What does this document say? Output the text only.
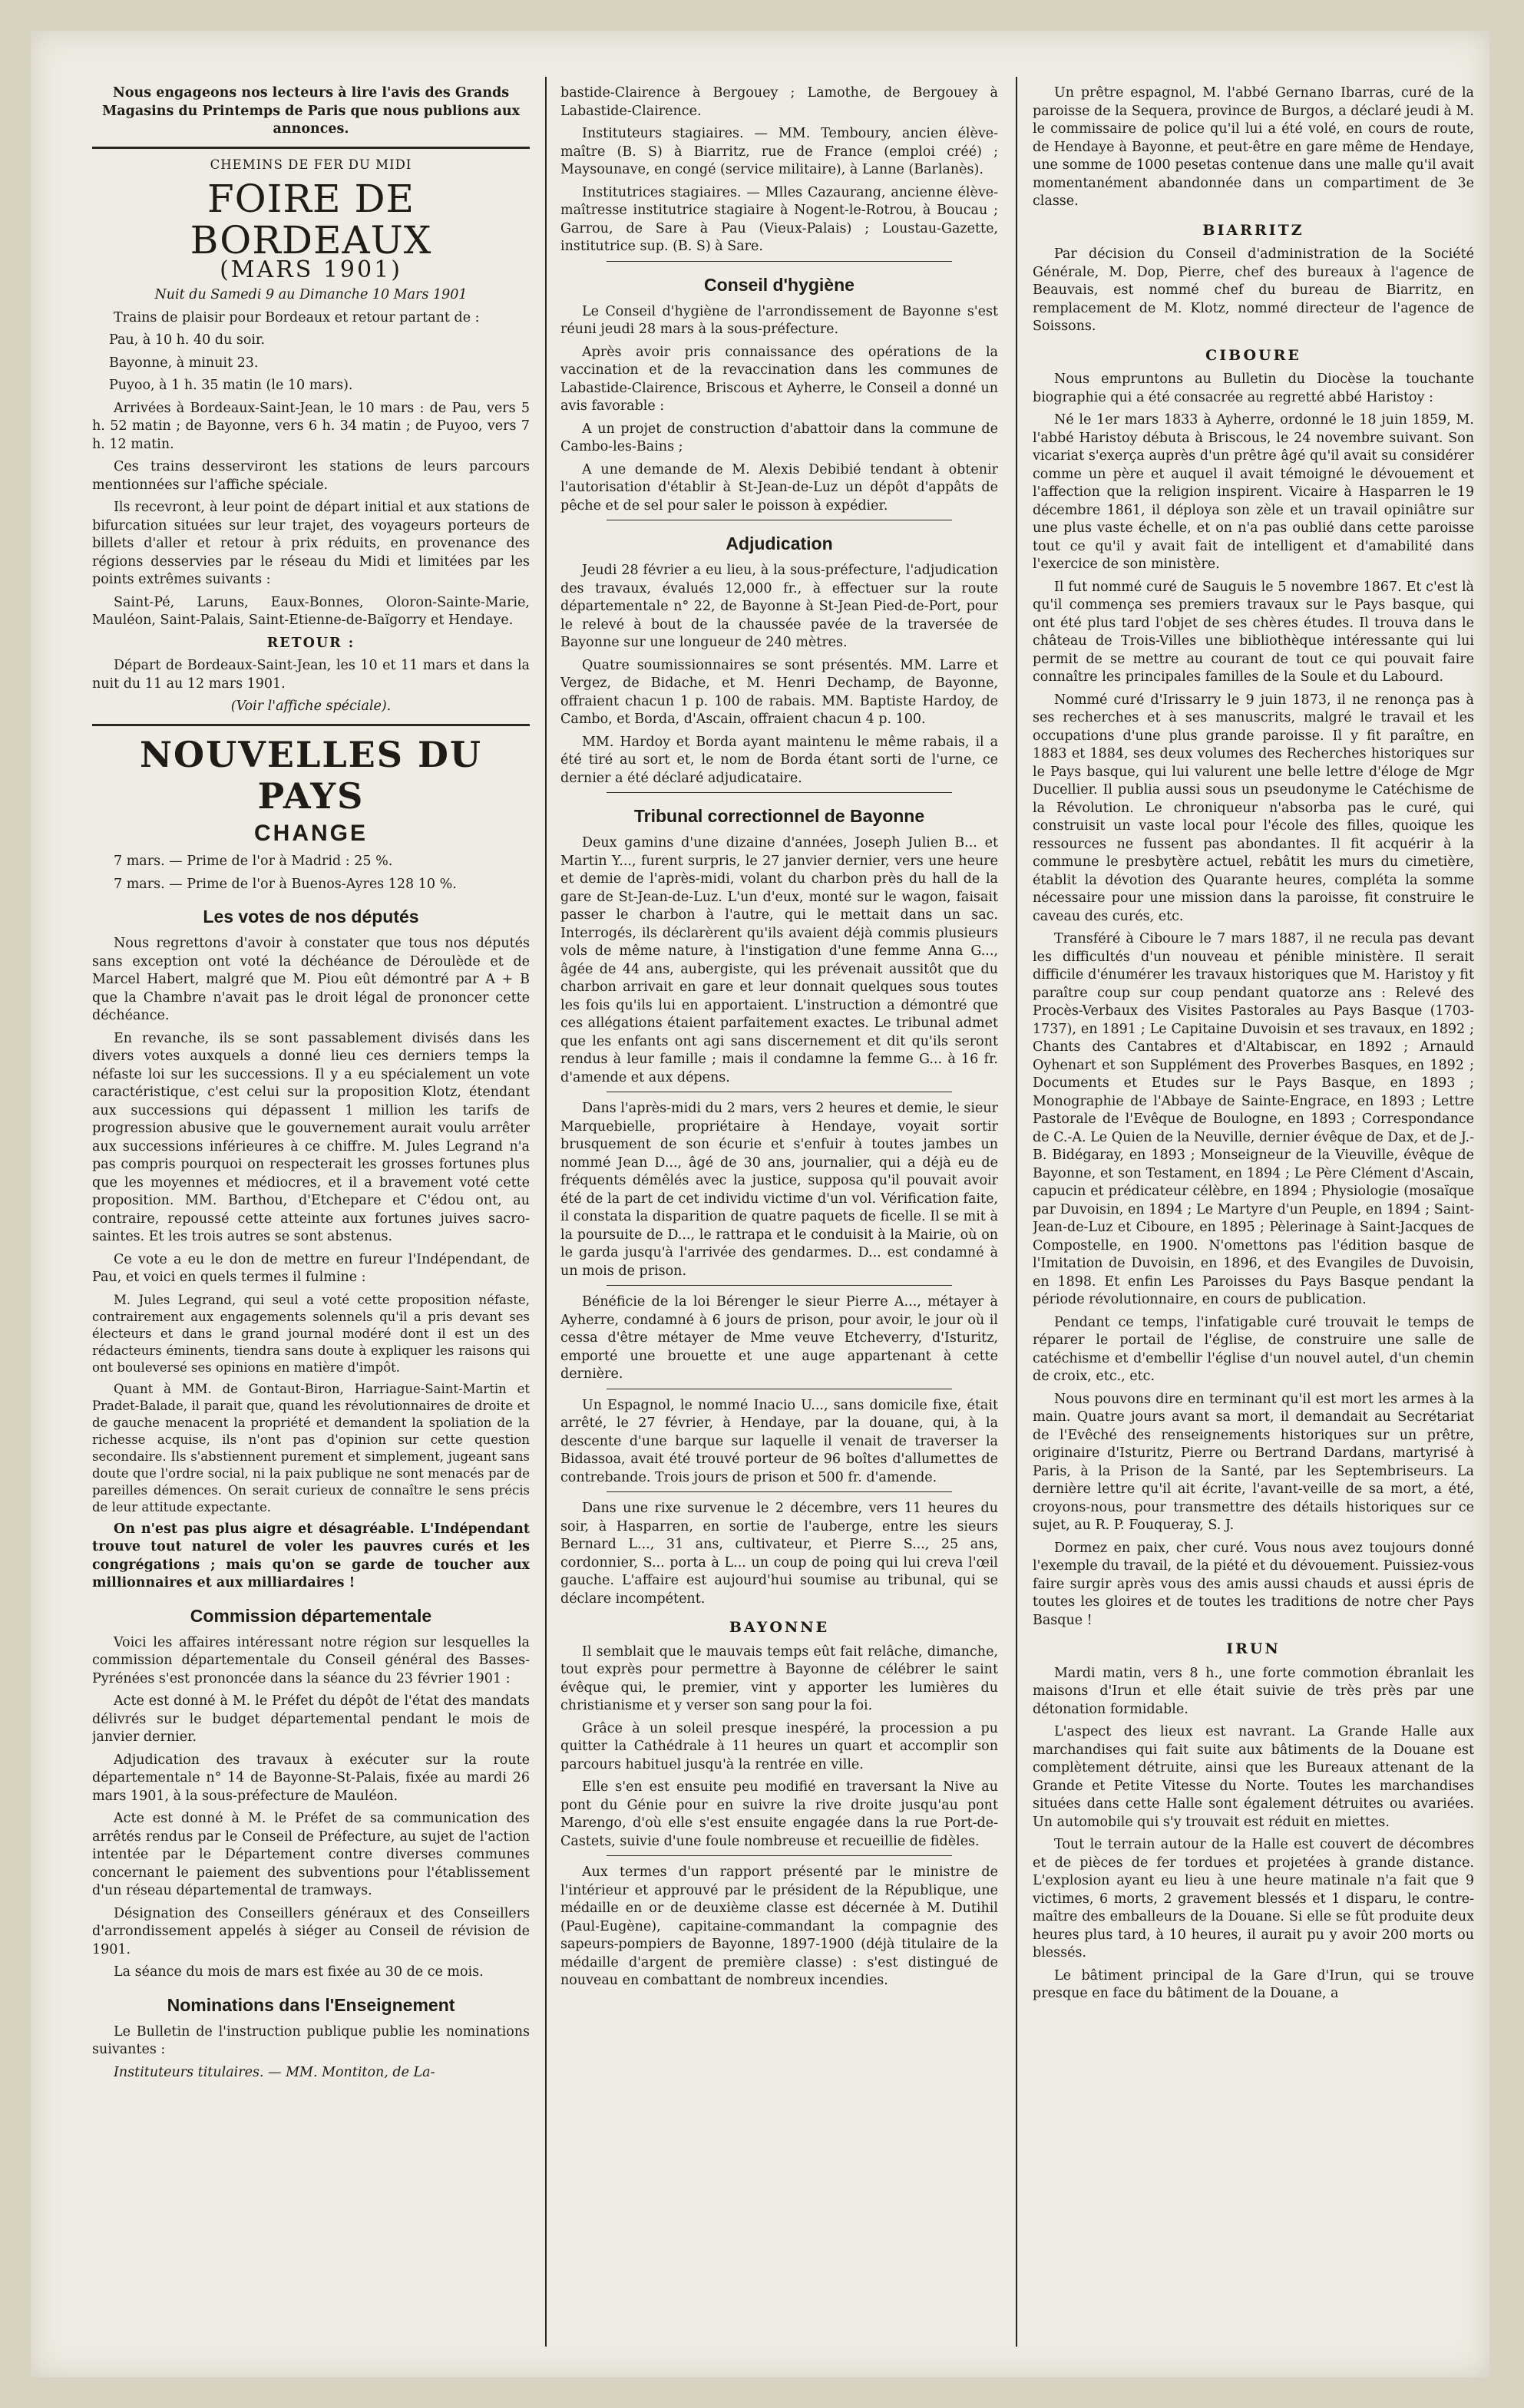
Nous engageons nos lecteurs à lire l'avis des Grands Magasins du Printemps de Paris que nous publions aux annonces.

CHEMINS DE FER DU MIDI

FOIRE DE BORDEAUX
(MARS 1901)

Nuit du Samedi 9 au Dimanche 10 Mars 1901

Trains de plaisir pour Bordeaux et retour partant de :

Pau, à 10 h. 40 du soir.

Bayonne, à minuit 23.

Puyoo, à 1 h. 35 matin (le 10 mars).

Arrivées à Bordeaux-Saint-Jean, le 10 mars : de Pau, vers 5 h. 52 matin ; de Bayonne, vers 6 h. 34 matin ; de Puyoo, vers 7 h. 12 matin.

Ces trains desserviront les stations de leurs parcours mentionnées sur l'affiche spéciale.

Ils recevront, à leur point de départ initial et aux stations de bifurcation situées sur leur trajet, des voyageurs porteurs de billets d'aller et retour à prix réduits, en provenance des régions desservies par le réseau du Midi et limitées par les points extrêmes suivants :

Saint-Pé, Laruns, Eaux-Bonnes, Oloron-Sainte-Marie, Mauléon, Saint-Palais, Saint-Etienne-de-Baïgorry et Hendaye.

RETOUR :

Départ de Bordeaux-Saint-Jean, les 10 et 11 mars et dans la nuit du 11 au 12 mars 1901.

(Voir l'affiche spéciale).

NOUVELLES DU PAYS
CHANGE

7 mars. — Prime de l'or à Madrid : 25 %.

7 mars. — Prime de l'or à Buenos-Ayres 128 10 %.

Les votes de nos députés

Nous regrettons d'avoir à constater que tous nos députés sans exception ont voté la déchéance de Déroulède et de Marcel Habert, malgré que M. Piou eût démontré par A + B que la Chambre n'avait pas le droit légal de prononcer cette déchéance.

En revanche, ils se sont passablement divisés dans les divers votes auxquels a donné lieu ces derniers temps la néfaste loi sur les successions. Il y a eu spécialement un vote caractéristique, c'est celui sur la proposition Klotz, étendant aux successions qui dépassent 1 million les tarifs de progression abusive que le gouvernement aurait voulu arrêter aux successions inférieures à ce chiffre. M. Jules Legrand n'a pas compris pourquoi on respecterait les grosses fortunes plus que les moyennes et médiocres, et il a bravement voté cette proposition. MM. Barthou, d'Etchepare et C'édou ont, au contraire, repoussé cette atteinte aux fortunes juives sacro-saintes. Et les trois autres se sont abstenus.

Ce vote a eu le don de mettre en fureur l'Indépendant, de Pau, et voici en quels termes il fulmine :

M. Jules Legrand, qui seul a voté cette proposition néfaste, contrairement aux engagements solennels qu'il a pris devant ses électeurs et dans le grand journal modéré dont il est un des rédacteurs éminents, tiendra sans doute à expliquer les raisons qui ont bouleversé ses opinions en matière d'impôt.

Quant à MM. de Gontaut-Biron, Harriague-Saint-Martin et Pradet-Balade, il parait que, quand les révolutionnaires de droite et de gauche menacent la propriété et demandent la spoliation de la richesse acquise, ils n'ont pas d'opinion sur cette question secondaire. Ils s'abstiennent purement et simplement, jugeant sans doute que l'ordre social, ni la paix publique ne sont menacés par de pareilles démences. On serait curieux de connaître le sens précis de leur attitude expectante.

On n'est pas plus aigre et désagréable. L'Indépendant trouve tout naturel de voler les pauvres curés et les congrégations ; mais qu'on se garde de toucher aux millionnaires et aux milliardaires !

Commission départementale

Voici les affaires intéressant notre région sur lesquelles la commission départementale du Conseil général des Basses-Pyrénées s'est prononcée dans la séance du 23 février 1901 :

Acte est donné à M. le Préfet du dépôt de l'état des mandats délivrés sur le budget départemental pendant le mois de janvier dernier.

Adjudication des travaux à exécuter sur la route départementale n° 14 de Bayonne-St-Palais, fixée au mardi 26 mars 1901, à la sous-préfecture de Mauléon.

Acte est donné à M. le Préfet de sa communication des arrêtés rendus par le Conseil de Préfecture, au sujet de l'action intentée par le Département contre diverses communes concernant le paiement des subventions pour l'établissement d'un réseau départemental de tramways.

Désignation des Conseillers généraux et des Conseillers d'arrondissement appelés à siéger au Conseil de révision de 1901.

La séance du mois de mars est fixée au 30 de ce mois.

Nominations dans l'Enseignement

Le Bulletin de l'instruction publique publie les nominations suivantes :

Instituteurs titulaires. — MM. Montiton, de La-

bastide-Clairence à Bergouey ; Lamothe, de Bergouey à Labastide-Clairence.

Instituteurs stagiaires. — MM. Temboury, ancien élève-maître (B. S) à Biarritz, rue de France (emploi créé) ; Maysounave, en congé (service militaire), à Lanne (Barlanès).

Institutrices stagiaires. — Mlles Cazaurang, ancienne élève-maîtresse institutrice stagiaire à Nogent-le-Rotrou, à Boucau ; Garrou, de Sare à Pau (Vieux-Palais) ; Loustau-Gazette, institutrice sup. (B. S) à Sare.

Conseil d'hygiène

Le Conseil d'hygiène de l'arrondissement de Bayonne s'est réuni jeudi 28 mars à la sous-préfecture.

Après avoir pris connaissance des opérations de la vaccination et de la revaccination dans les communes de Labastide-Clairence, Briscous et Ayherre, le Conseil a donné un avis favorable :

A un projet de construction d'abattoir dans la commune de Cambo-les-Bains ;

A une demande de M. Alexis Debibié tendant à obtenir l'autorisation d'établir à St-Jean-de-Luz un dépôt d'appâts de pêche et de sel pour saler le poisson à expédier.

Adjudication

Jeudi 28 février a eu lieu, à la sous-préfecture, l'adjudication des travaux, évalués 12,000 fr., à effectuer sur la route départementale n° 22, de Bayonne à St-Jean Pied-de-Port, pour le relevé à bout de la chaussée pavée de la traversée de Bayonne sur une longueur de 240 mètres.

Quatre soumissionnaires se sont présentés. MM. Larre et Vergez, de Bidache, et M. Henri Dechamp, de Bayonne, offraient chacun 1 p. 100 de rabais. MM. Baptiste Hardoy, de Cambo, et Borda, d'Ascain, offraient chacun 4 p. 100.

MM. Hardoy et Borda ayant maintenu le même rabais, il a été tiré au sort et, le nom de Borda étant sorti de l'urne, ce dernier a été déclaré adjudicataire.

Tribunal correctionnel de Bayonne

Deux gamins d'une dizaine d'années, Joseph Julien B... et Martin Y..., furent surpris, le 27 janvier dernier, vers une heure et demie de l'après-midi, volant du charbon près du hall de la gare de St-Jean-de-Luz. L'un d'eux, monté sur le wagon, faisait passer le charbon à l'autre, qui le mettait dans un sac. Interrogés, ils déclarèrent qu'ils avaient déjà commis plusieurs vols de même nature, à l'instigation d'une femme Anna G..., âgée de 44 ans, aubergiste, qui les prévenait aussitôt que du charbon arrivait en gare et leur donnait quelques sous toutes les fois qu'ils lui en apportaient. L'instruction a démontré que ces allégations étaient parfaitement exactes. Le tribunal admet que les enfants ont agi sans discernement et dit qu'ils seront rendus à leur famille ; mais il condamne la femme G... à 16 fr. d'amende et aux dépens.

Dans l'après-midi du 2 mars, vers 2 heures et demie, le sieur Marquebielle, propriétaire à Hendaye, voyait sortir brusquement de son écurie et s'enfuir à toutes jambes un nommé Jean D..., âgé de 30 ans, journalier, qui a déjà eu de fréquents démêlés avec la justice, supposa qu'il pouvait avoir été de la part de cet individu victime d'un vol. Vérification faite, il constata la disparition de quatre paquets de ficelle. Il se mit à la poursuite de D..., le rattrapa et le conduisit à la Mairie, où on le garda jusqu'à l'arrivée des gendarmes. D... est condamné à un mois de prison.

Bénéficie de la loi Bérenger le sieur Pierre A..., métayer à Ayherre, condamné à 6 jours de prison, pour avoir, le jour où il cessa d'être métayer de Mme veuve Etcheverry, d'Isturitz, emporté une brouette et une auge appartenant à cette dernière.

Un Espagnol, le nommé Inacio U..., sans domicile fixe, était arrêté, le 27 février, à Hendaye, par la douane, qui, à la descente d'une barque sur laquelle il venait de traverser la Bidassoa, avait été trouvé porteur de 96 boîtes d'allumettes de contrebande. Trois jours de prison et 500 fr. d'amende.

Dans une rixe survenue le 2 décembre, vers 11 heures du soir, à Hasparren, en sortie de l'auberge, entre les sieurs Bernard L..., 31 ans, cultivateur, et Pierre S..., 25 ans, cordonnier, S... porta à L... un coup de poing qui lui creva l'œil gauche. L'affaire est aujourd'hui soumise au tribunal, qui se déclare incompétent.

BAYONNE

Il semblait que le mauvais temps eût fait relâche, dimanche, tout exprès pour permettre à Bayonne de célébrer le saint évêque qui, le premier, vint y apporter les lumières du christianisme et y verser son sang pour la foi.

Grâce à un soleil presque inespéré, la procession a pu quitter la Cathédrale à 11 heures un quart et accomplir son parcours habituel jusqu'à la rentrée en ville.

Elle s'en est ensuite peu modifié en traversant la Nive au pont du Génie pour en suivre la rive droite jusqu'au pont Marengo, d'où elle s'est ensuite engagée dans la rue Port-de-Castets, suivie d'une foule nombreuse et recueillie de fidèles.

Aux termes d'un rapport présenté par le ministre de l'intérieur et approuvé par le président de la République, une médaille en or de deuxième classe est décernée à M. Dutihil (Paul-Eugène), capitaine-commandant la compagnie des sapeurs-pompiers de Bayonne, 1897-1900 (déjà titulaire de la médaille d'argent de première classe) : s'est distingué de nouveau en combattant de nombreux incendies.

Un prêtre espagnol, M. l'abbé Gernano Ibarras, curé de la paroisse de la Sequera, province de Burgos, a déclaré jeudi à M. le commissaire de police qu'il lui a été volé, en cours de route, de Hendaye à Bayonne, et peut-être en gare même de Hendaye, une somme de 1000 pesetas contenue dans une malle qu'il avait momentanément abandonnée dans un compartiment de 3e classe.

BIARRITZ

Par décision du Conseil d'administration de la Société Générale, M. Dop, Pierre, chef des bureaux à l'agence de Beauvais, est nommé chef du bureau de Biarritz, en remplacement de M. Klotz, nommé directeur de l'agence de Soissons.

CIBOURE

Nous empruntons au Bulletin du Diocèse la touchante biographie qui a été consacrée au regretté abbé Haristoy :

Né le 1er mars 1833 à Ayherre, ordonné le 18 juin 1859, M. l'abbé Haristoy débuta à Briscous, le 24 novembre suivant. Son vicariat s'exerça auprès d'un prêtre âgé qu'il avait su considérer comme un père et auquel il avait témoigné le dévouement et l'affection que la religion inspirent. Vicaire à Hasparren le 19 décembre 1861, il déploya son zèle et un travail opiniâtre sur une plus vaste échelle, et on n'a pas oublié dans cette paroisse tout ce qu'il y avait fait de intelligent et d'amabilité dans l'exercice de son ministère.

Il fut nommé curé de Sauguis le 5 novembre 1867. Et c'est là qu'il commença ses premiers travaux sur le Pays basque, qui ont été plus tard l'objet de ses chères études. Il trouva dans le château de Trois-Villes une bibliothèque intéressante qui lui permit de se mettre au courant de tout ce qui pouvait faire connaître les principales familles de la Soule et du Labourd.

Nommé curé d'Irissarry le 9 juin 1873, il ne renonça pas à ses recherches et à ses manuscrits, malgré le travail et les occupations d'une plus grande paroisse. Il y fit paraître, en 1883 et 1884, ses deux volumes des Recherches historiques sur le Pays basque, qui lui valurent une belle lettre d'éloge de Mgr Ducellier. Il publia aussi sous un pseudonyme le Catéchisme de la Révolution. Le chroniqueur n'absorba pas le curé, qui construisit un vaste local pour l'école des filles, quoique les ressources ne fussent pas abondantes. Il fit acquérir à la commune le presbytère actuel, rebâtit les murs du cimetière, établit la dévotion des Quarante heures, compléta la somme nécessaire pour une mission dans la paroisse, fit construire le caveau des curés, etc.

Transféré à Ciboure le 7 mars 1887, il ne recula pas devant les difficultés d'un nouveau et pénible ministère. Il serait difficile d'énumérer les travaux historiques que M. Haristoy y fit paraître coup sur coup pendant quatorze ans : Relevé des Procès-Verbaux des Visites Pastorales au Pays Basque (1703-1737), en 1891 ; Le Capitaine Duvoisin et ses travaux, en 1892 ; Chants des Cantabres et d'Altabiscar, en 1892 ; Arnauld Oyhenart et son Supplément des Proverbes Basques, en 1892 ; Documents et Etudes sur le Pays Basque, en 1893 ; Monographie de l'Abbaye de Sainte-Engrace, en 1893 ; Lettre Pastorale de l'Evêque de Boulogne, en 1893 ; Correspondance de C.-A. Le Quien de la Neuville, dernier évêque de Dax, et de J.-B. Bidégaray, en 1893 ; Monseigneur de la Vieuville, évêque de Bayonne, et son Testament, en 1894 ; Le Père Clément d'Ascain, capucin et prédicateur célèbre, en 1894 ; Physiologie (mosaïque par Duvoisin, en 1894 ; Le Martyre d'un Peuple, en 1894 ; Saint-Jean-de-Luz et Ciboure, en 1895 ; Pèlerinage à Saint-Jacques de Compostelle, en 1900. N'omettons pas l'édition basque de l'Imitation de Duvoisin, en 1896, et des Evangiles de Duvoisin, en 1898. Et enfin Les Paroisses du Pays Basque pendant la période révolutionnaire, en cours de publication.

Pendant ce temps, l'infatigable curé trouvait le temps de réparer le portail de l'église, de construire une salle de catéchisme et d'embellir l'église d'un nouvel autel, d'un chemin de croix, etc., etc.

Nous pouvons dire en terminant qu'il est mort les armes à la main. Quatre jours avant sa mort, il demandait au Secrétariat de l'Evêché des renseignements historiques sur un prêtre, originaire d'Isturitz, Pierre ou Bertrand Dardans, martyrisé à Paris, à la Prison de la Santé, par les Septembriseurs. La dernière lettre qu'il ait écrite, l'avant-veille de sa mort, a été, croyons-nous, pour transmettre des détails historiques sur ce sujet, au R. P. Fouqueray, S. J.

Dormez en paix, cher curé. Vous nous avez toujours donné l'exemple du travail, de la piété et du dévouement. Puissiez-vous faire surgir après vous des amis aussi chauds et aussi épris de toutes les gloires et de toutes les traditions de notre cher Pays Basque !

IRUN

Mardi matin, vers 8 h., une forte commotion ébranlait les maisons d'Irun et elle était suivie de très près par une détonation formidable.

L'aspect des lieux est navrant. La Grande Halle aux marchandises qui fait suite aux bâtiments de la Douane est complètement détruite, ainsi que les Bureaux attenant de la Grande et Petite Vitesse du Norte. Toutes les marchandises situées dans cette Halle sont également détruites ou avariées. Un automobile qui s'y trouvait est réduit en miettes.

Tout le terrain autour de la Halle est couvert de décombres et de pièces de fer tordues et projetées à grande distance. L'explosion ayant eu lieu à une heure matinale n'a fait que 9 victimes, 6 morts, 2 gravement blessés et 1 disparu, le contre-maître des emballeurs de la Douane. Si elle se fût produite deux heures plus tard, à 10 heures, il aurait pu y avoir 200 morts ou blessés.

Le bâtiment principal de la Gare d'Irun, qui se trouve presque en face du bâtiment de la Douane, a
